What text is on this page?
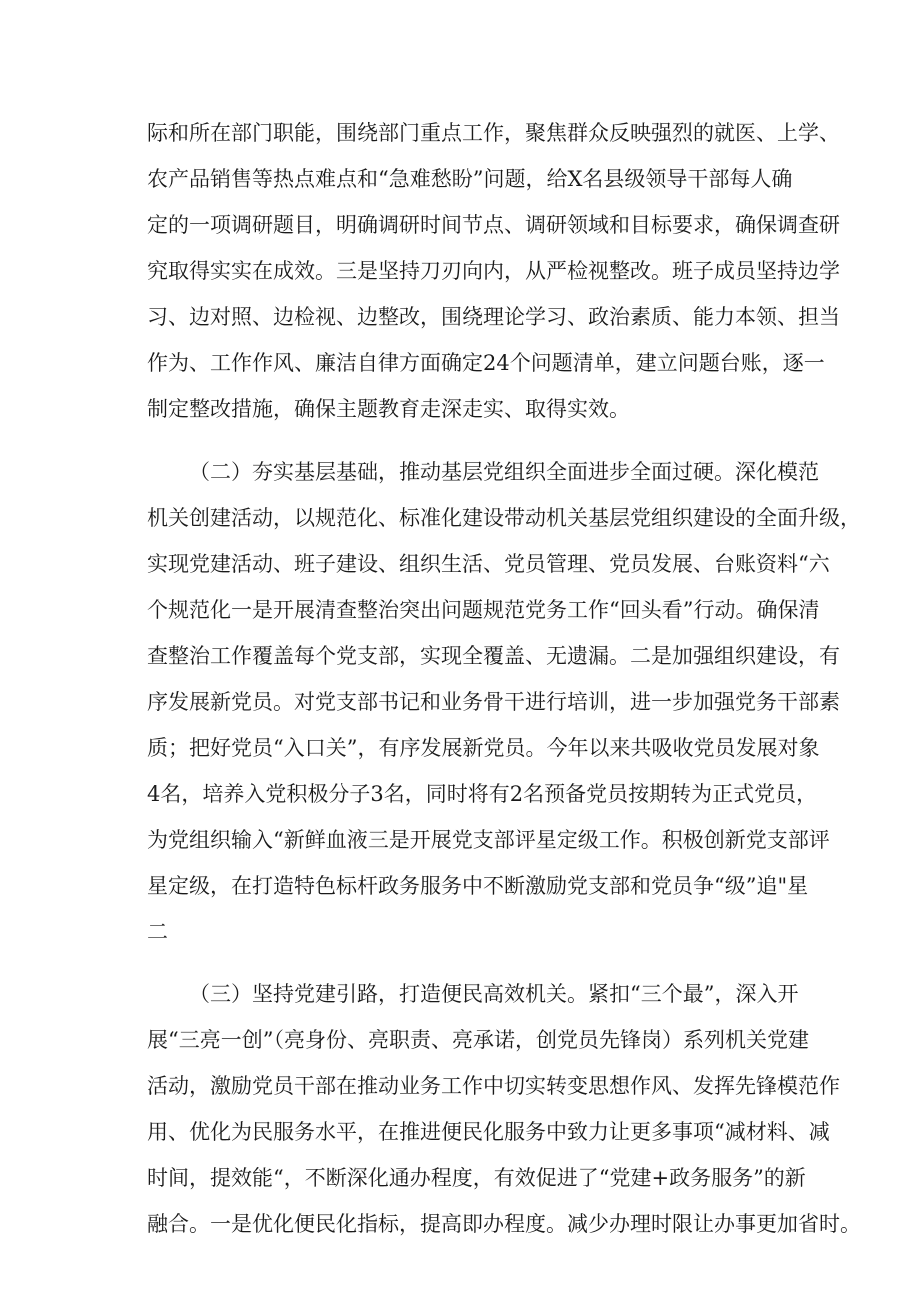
际和所在部门职能，围绕部门重点工作，聚焦群众反映强烈的就医、上学、
农产品销售等热点难点和“急难愁盼”问题，给X名县级领导干部每人确
定的一项调研题目，明确调研时间节点、调研领域和目标要求，确保调查研
究取得实实在成效。三是坚持刀刃向内，从严检视整改。班子成员坚持边学
习、边对照、边检视、边整改，围绕理论学习、政治素质、能力本领、担当
作为、工作作风、廉洁自律方面确定24个问题清单，建立问题台账，逐一
制定整改措施，确保主题教育走深走实、取得实效。
（二）夯实基层基础，推动基层党组织全面进步全面过硬。深化模范
机关创建活动，以规范化、标准化建设带动机关基层党组织建设的全面升级，
实现党建活动、班子建设、组织生活、党员管理、党员发展、台账资料“六
个规范化一是开展清查整治突出问题规范党务工作“回头看”行动。确保清
查整治工作覆盖每个党支部，实现全覆盖、无遗漏。二是加强组织建设，有
序发展新党员。对党支部书记和业务骨干进行培训，进一步加强党务干部素
质；把好党员“入口关”，有序发展新党员。今年以来共吸收党员发展对象
4名，培养入党积极分子3名，同时将有2名预备党员按期转为正式党员，
为党组织输入“新鲜血液三是开展党支部评星定级工作。积极创新党支部评
星定级，在打造特色标杆政务服务中不断激励党支部和党员争“级”追"星
二
（三）坚持党建引路，打造便民高效机关。紧扣“三个最”，深入开
展“三亮一创”（亮身份、亮职责、亮承诺，创党员先锋岗）系列机关党建
活动，激励党员干部在推动业务工作中切实转变思想作风、发挥先锋模范作
用、优化为民服务水平，在推进便民化服务中致力让更多事项“减材料、减
时间，提效能“，不断深化通办程度，有效促进了“党建+政务服务”的新
融合。一是优化便民化指标，提高即办程度。减少办理时限让办事更加省时。
